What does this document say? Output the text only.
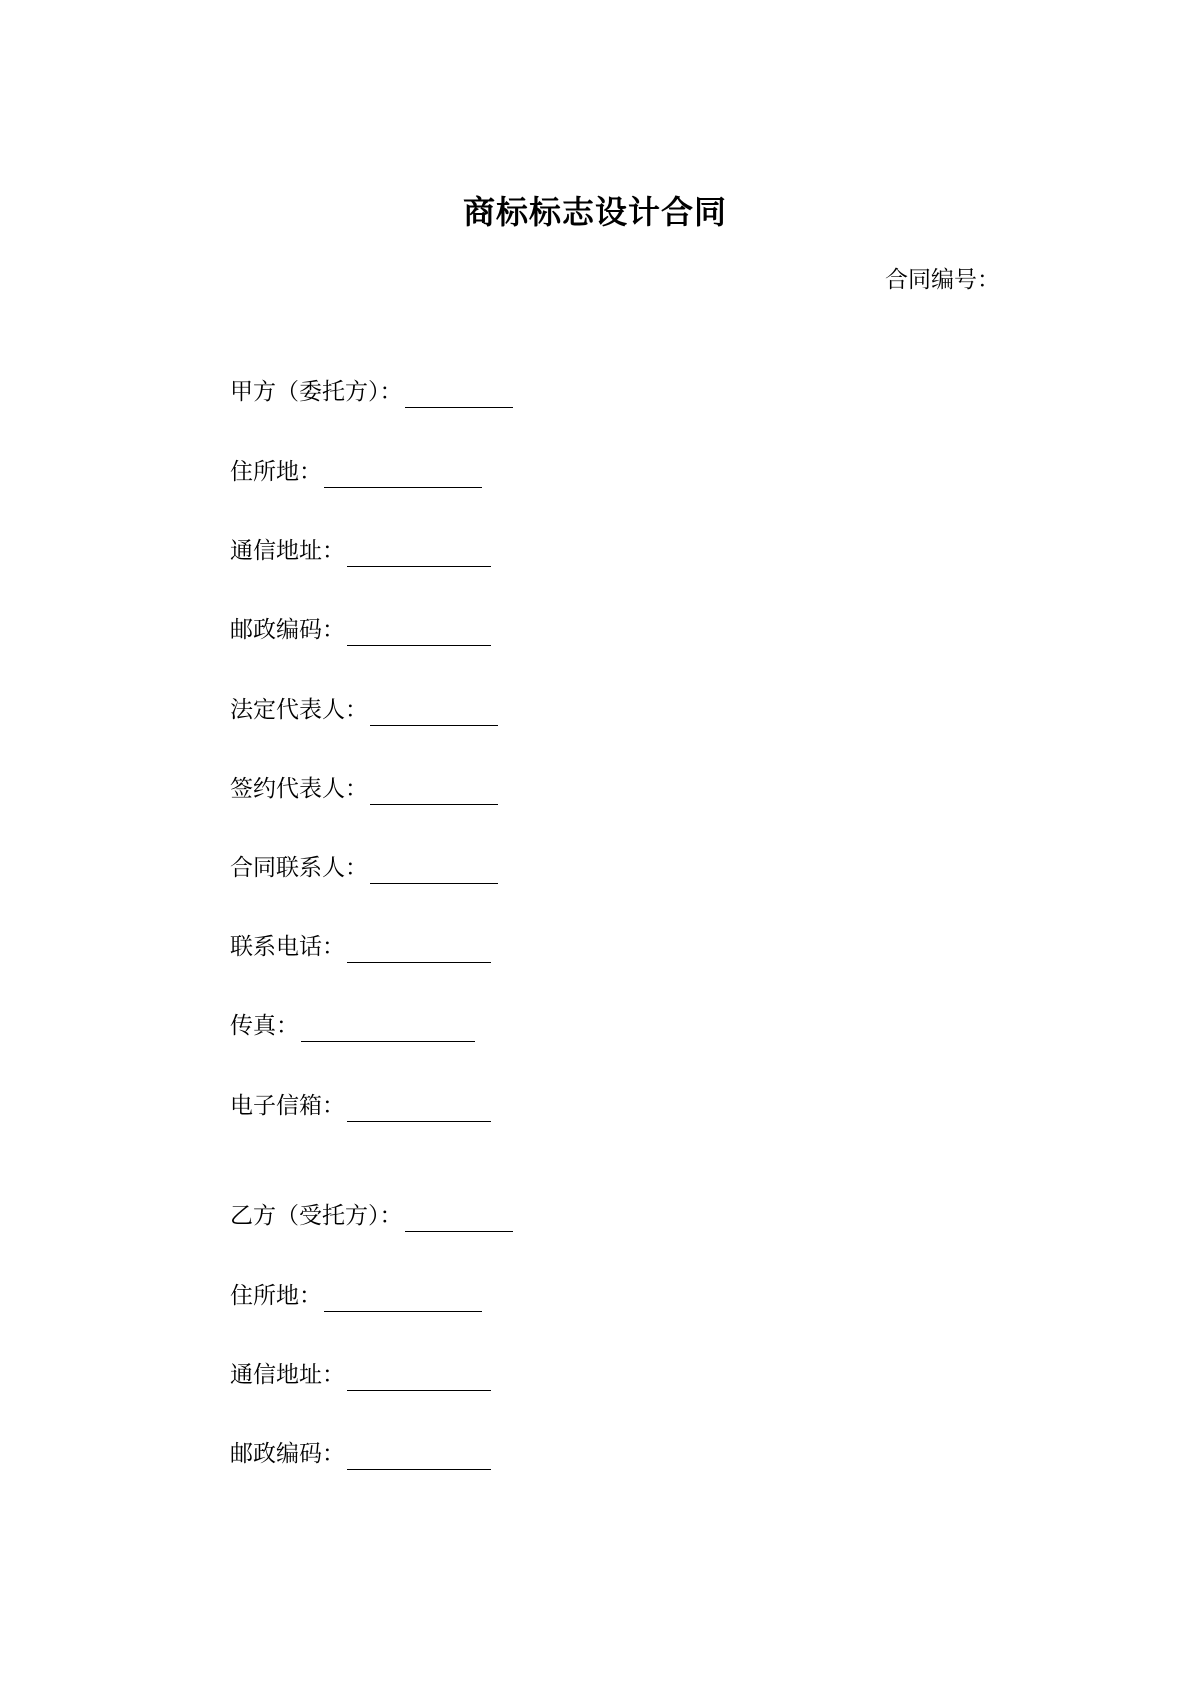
商标标志设计合同
合同编号：
甲方（委托方）：
住所地：
通信地址：
邮政编码：
法定代表人：
签约代表人：
合同联系人：
联系电话：
传真：
电子信箱：
乙方（受托方）：
住所地：
通信地址：
邮政编码：
